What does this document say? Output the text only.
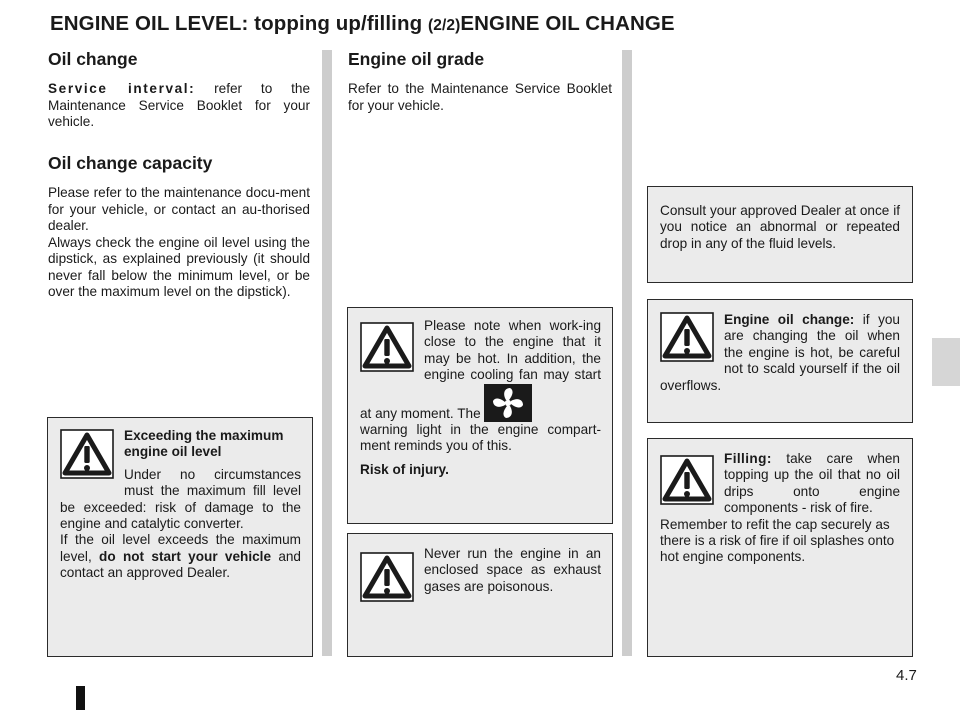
ENGINE OIL LEVEL: topping up/filling (2/2)ENGINE OIL CHANGE
4.7
Oil change

Service interval: refer to the Maintenance Service Booklet for your vehicle.

Oil change capacity

Please refer to the maintenance docu-ment for your vehicle, or contact an au-thorised dealer.

Always check the engine oil level using the dipstick, as explained previously (it should never fall below the minimum level, or be over the maximum level on the dipstick).

Engine oil grade

Refer to the Maintenance Service Booklet for your vehicle.

Exceeding the maximum engine oil level

Under no circumstances must the maximum fill level be exceeded: risk of damage to the engine and catalytic converter.

If the oil level exceeds the maximum level, do not start your vehicle and contact an approved Dealer.

Please note when work-ing close to the engine that it may be hot. In addition, the engine cooling fan may start at any moment. The

warning light in the engine compart-ment reminds you of this.

Risk of injury.

Never run the engine in an enclosed space as exhaust gases are poisonous.

Consult your approved Dealer at once if you notice an abnormal or repeated drop in any of the fluid levels.

Engine oil change: if you are changing the oil when the engine is hot, be careful not to scald yourself if the oil overflows.

Filling: take care when topping up the oil that no oil drips onto engine components - risk of fire.

Remember to refit the cap securely as there is a risk of fire if oil splashes onto hot engine components.
